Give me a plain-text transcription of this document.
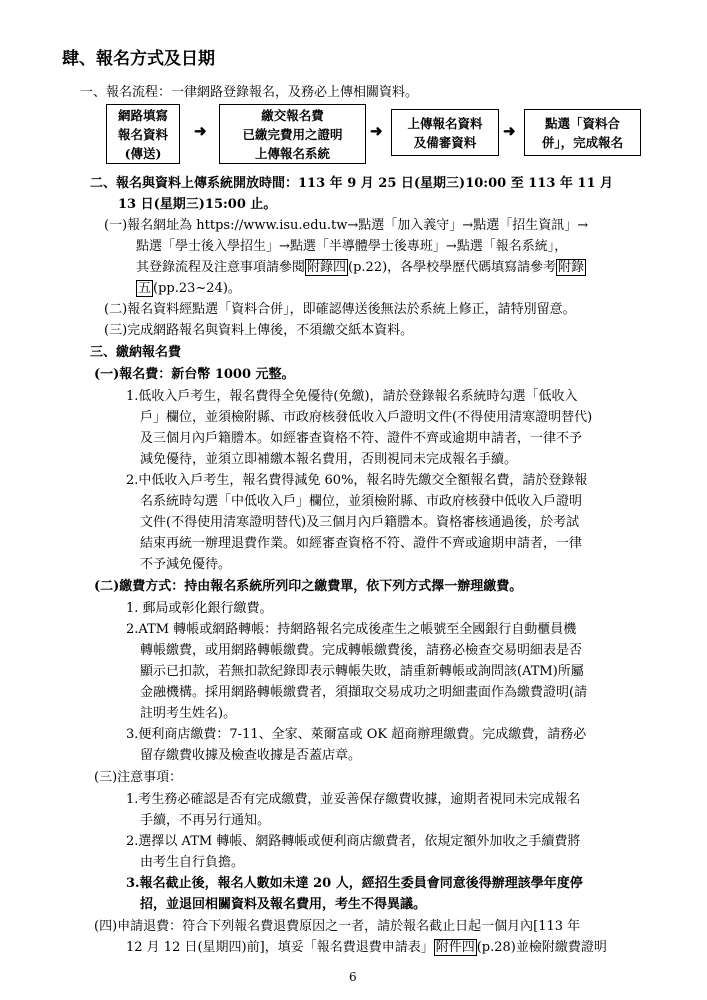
肆、報名方式及日期
一、報名流程：一律網路登錄報名，及務必上傳相關資料。
網路填寫
報名資料
(傳送)
➜
繳交報名費
已繳完費用之證明
上傳報名系統
➜ 上傳報名資料
及備審資料
➜ 點選「資料合
併」，完成報名
二、報名與資料上傳系統開放時間：113 年 9 月 25 日(星期三)10:00 至 113 年 11 月
13 日(星期三)15:00 止。
(一)報名網址為 https://www.isu.edu.tw→點選「加入義守」→點選「招生資訊」→
點選「學士後入學招生」→點選「半導體學士後專班」→點選「報名系統」，
其登錄流程及注意事項請參閱 附錄四 (p.22)，各學校學歷代碼填寫請參考 附錄
五 (pp.23~24)。
(二)報名資料經點選「資料合併」，即確認傳送後無法於系統上修正，請特別留意。
(三)完成網路報名與資料上傳後，不須繳交紙本資料。
三、繳納報名費
(一)報名費：新台幣 1000 元整。
1.低收入戶考生，報名費得全免優待(免繳)，請於登錄報名系統時勾選「低收入
戶」欄位，並須檢附縣、市政府核發低收入戶證明文件(不得使用清寒證明替代)
及三個月內戶籍謄本。如經審查資格不符、證件不齊或逾期申請者，一律不予
減免優待，並須立即補繳本報名費用，否則視同未完成報名手續。
2.中低收入戶考生，報名費得減免 60%，報名時先繳交全額報名費，請於登錄報
名系統時勾選「中低收入戶」欄位，並須檢附縣、市政府核發中低收入戶證明
文件(不得使用清寒證明替代)及三個月內戶籍謄本。資格審核通過後，於考試
結束再統一辦理退費作業。如經審查資格不符、證件不齊或逾期申請者，一律
不予減免優待。
(二)繳費方式：持由報名系統所列印之繳費單，依下列方式擇一辦理繳費。
1. 郵局或彰化銀行繳費。
2.ATM 轉帳或網路轉帳：持網路報名完成後產生之帳號至全國銀行自動櫃員機
轉帳繳費，或用網路轉帳繳費。完成轉帳繳費後，請務必檢查交易明細表是否
顯示已扣款，若無扣款紀錄即表示轉帳失敗，請重新轉帳或詢問該(ATM)所屬
金融機構。採用網路轉帳繳費者，須擷取交易成功之明細畫面作為繳費證明(請
註明考生姓名)。
3.便利商店繳費：7-11、全家、萊爾富或 OK 超商辦理繳費。完成繳費，請務必
留存繳費收據及檢查收據是否蓋店章。
(三)注意事項：
1.考生務必確認是否有完成繳費，並妥善保存繳費收據，逾期者視同未完成報名
手續，不再另行通知。
2.選擇以 ATM 轉帳、網路轉帳或便利商店繳費者，依規定額外加收之手續費將
由考生自行負擔。
3.報名截止後，報名人數如未達 20 人，經招生委員會同意後得辦理該學年度停
招，並退回相關資料及報名費用，考生不得異議。
(四)申請退費：符合下列報名費退費原因之一者，請於報名截止日起一個月內[113 年
12 月 12 日(星期四)前]，填妥「報名費退費申請表」 附件四 (p.28)並檢附繳費證明
6
